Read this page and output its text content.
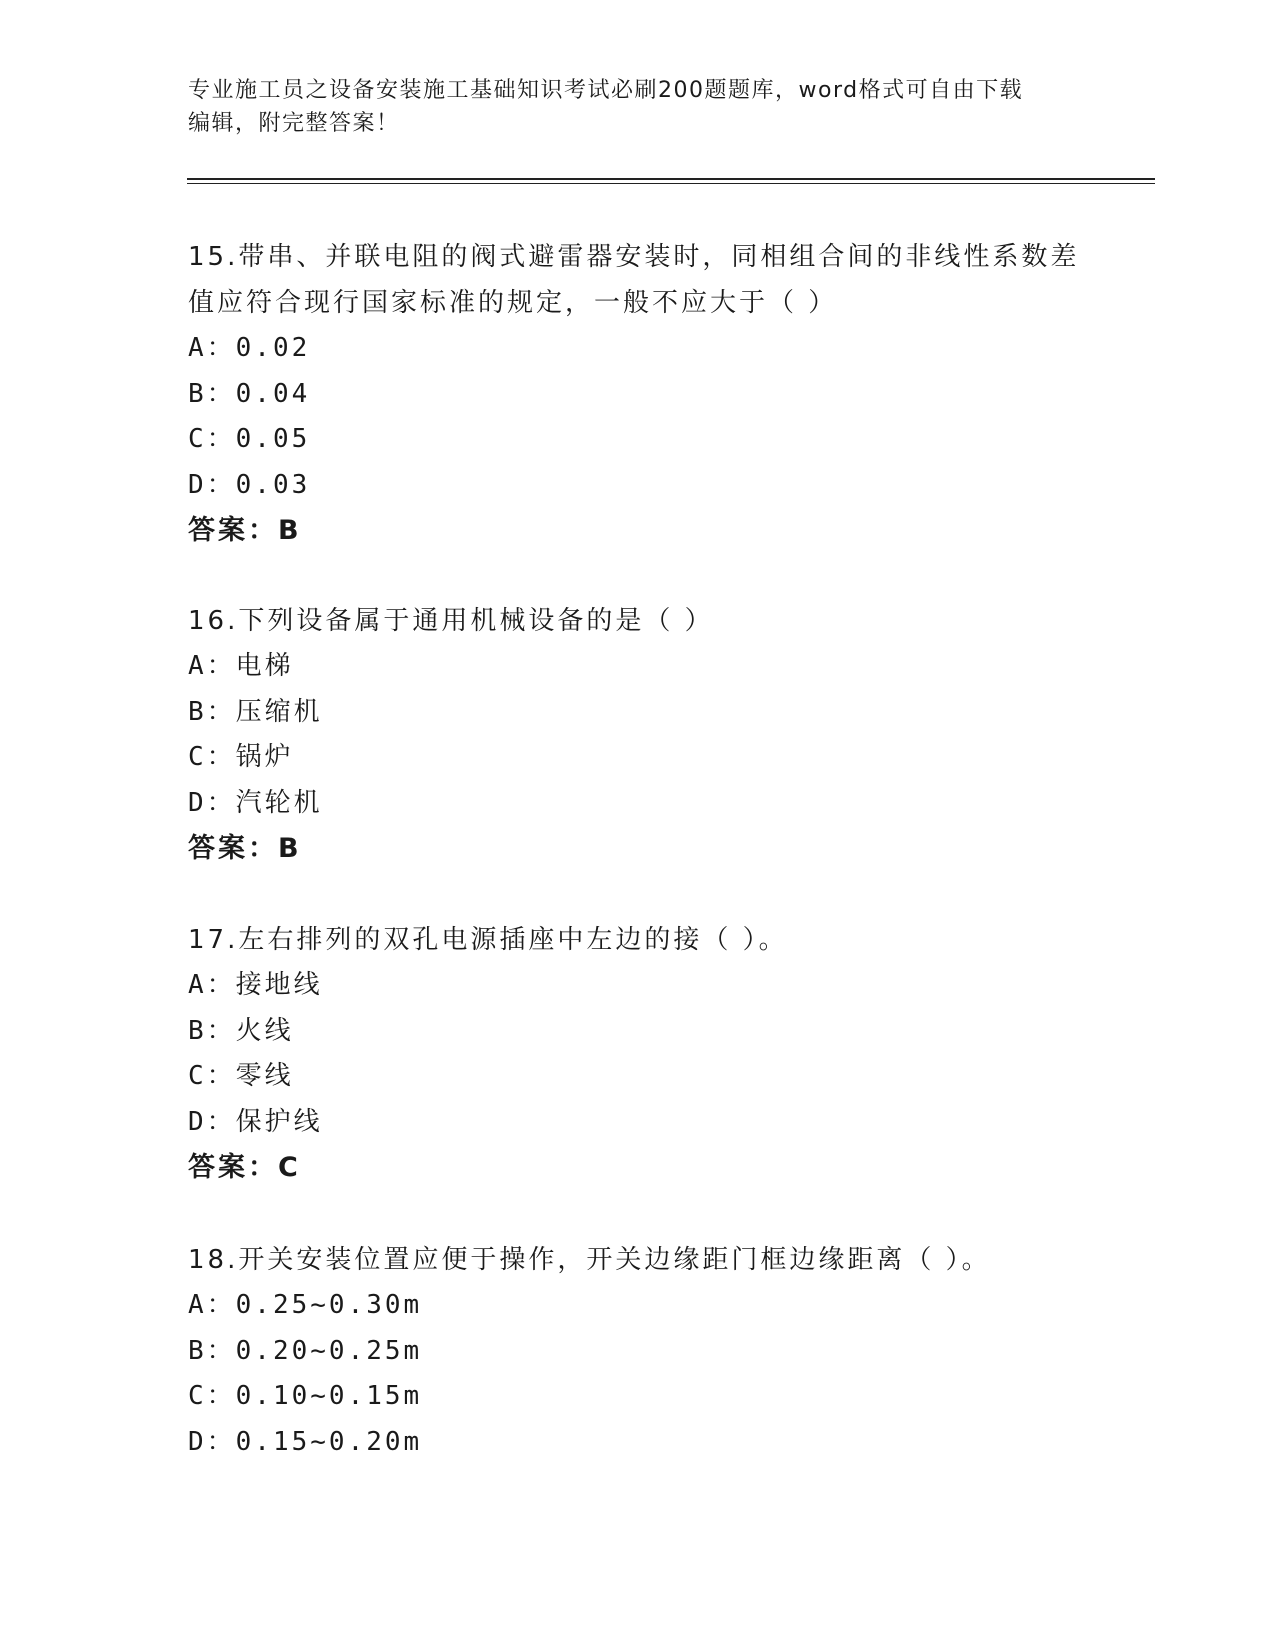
专业施工员之设备安装施工基础知识考试必刷200题题库，word格式可自由下载
编辑，附完整答案！
15.带串、并联电阻的阀式避雷器安装时，同相组合间的非线性系数差
值应符合现行国家标准的规定，一般不应大于（ ）
A：0.02
B：0.04
C：0.05
D：0.03
答案：B
16.下列设备属于通用机械设备的是（ ）
A：电梯
B：压缩机
C：锅炉
D：汽轮机
答案：B
17.左右排列的双孔电源插座中左边的接（ ）。
A：接地线
B：火线
C：零线
D：保护线
答案：C
18.开关安装位置应便于操作，开关边缘距门框边缘距离（ ）。
A：0.25~0.30m
B：0.20~0.25m
C：0.10~0.15m
D：0.15~0.20m
